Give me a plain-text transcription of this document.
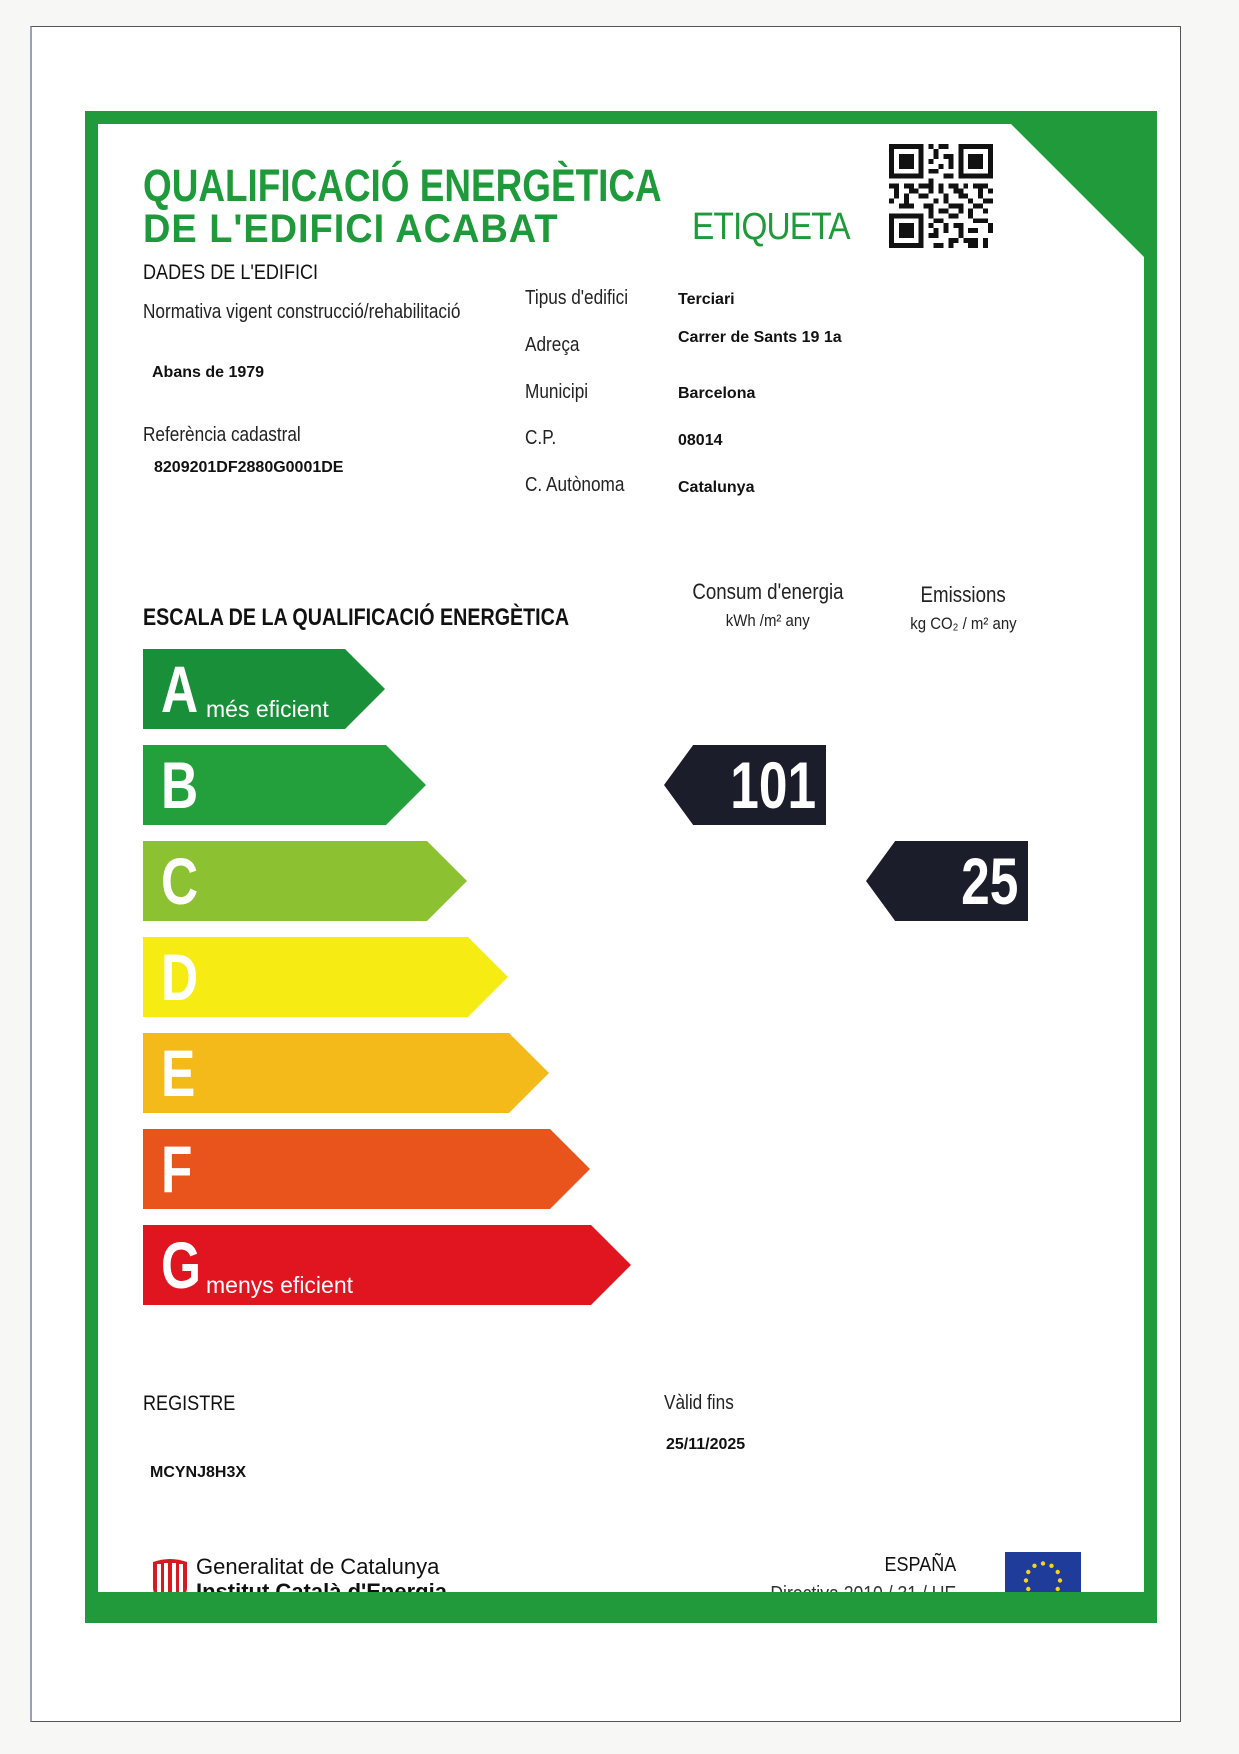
QUALIFICACIÓ ENERGÈTICA
DE L'EDIFICI ACABAT	ETIQUETA
DADES DE L'EDIFICI
Normativa vigent construcció/rehabilitació
Abans de 1979
Referència cadastral
8209201DF2880G0001DE
Tipus d'edifici	Terciari
Adreça	Carrer de Sants 19 1a
Municipi	Barcelona
C.P.	08014
C. Autònoma	Catalunya
ESCALA DE LA QUALIFICACIÓ ENERGÈTICA
Consum d'energia
kWh /m² any
Emissions
kg CO₂ / m² any
A més eficient
B
C
D
E
F
G menys eficient
101
25
REGISTRE
MCYNJ8H3X
Vàlid fins
25/11/2025
Generalitat de Catalunya	ESPAÑA
